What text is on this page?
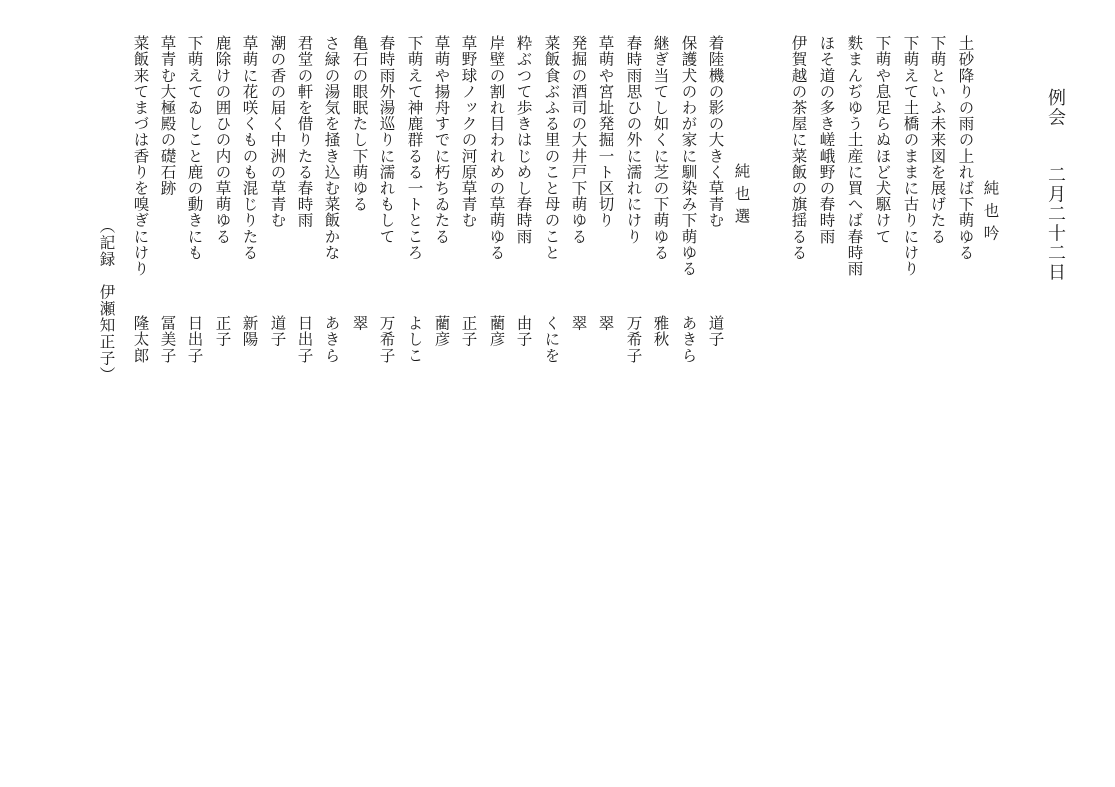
例会
二月二十二日
純也吟
土砂降りの雨の上れば下萌ゆる
下萌といふ未来図を展げたる
下萌えて土橋のままに古りにけり
下萌や息足らぬほど犬駆けて
麩まんぢゆう土産に買へば春時雨
ほそ道の多き嵯峨野の春時雨
伊賀越の茶屋に菜飯の旗揺るる
純也選
着陸機の影の大きく草青む
道子
保護犬のわが家に馴染み下萌ゆる
あきら
継ぎ当てし如くに芝の下萌ゆる
雅秋
春時雨思ひの外に濡れにけり
万希子
草萌や宮址発掘一ト区切り
翠
発掘の酒司の大井戸下萌ゆる
翠
菜飯食ぶふる里のこと母のこと
くにを
粋ぶつて歩きはじめし春時雨
由子
岸壁の割れ目われめの草萌ゆる
藺彦
草野球ノックの河原草青む
正子
草萌や揚舟すでに朽ちゐたる
藺彦
下萌えて神鹿群るる一トところ
よしこ
春時雨外湯巡りに濡れもして
万希子
亀石の眼眠たし下萌ゆる
翠
さ緑の湯気を掻き込む菜飯かな
あきら
君堂の軒を借りたる春時雨
日出子
潮の香の届く中洲の草青む
道子
草萌に花咲くものも混じりたる
新陽
鹿除けの囲ひの内の草萌ゆる
正子
下萌えてゐしこと鹿の動きにも
日出子
草青む大極殿の礎石跡
冨美子
菜飯来てまづは香りを嗅ぎにけり
隆太郎
（記録　伊瀬知正子）
